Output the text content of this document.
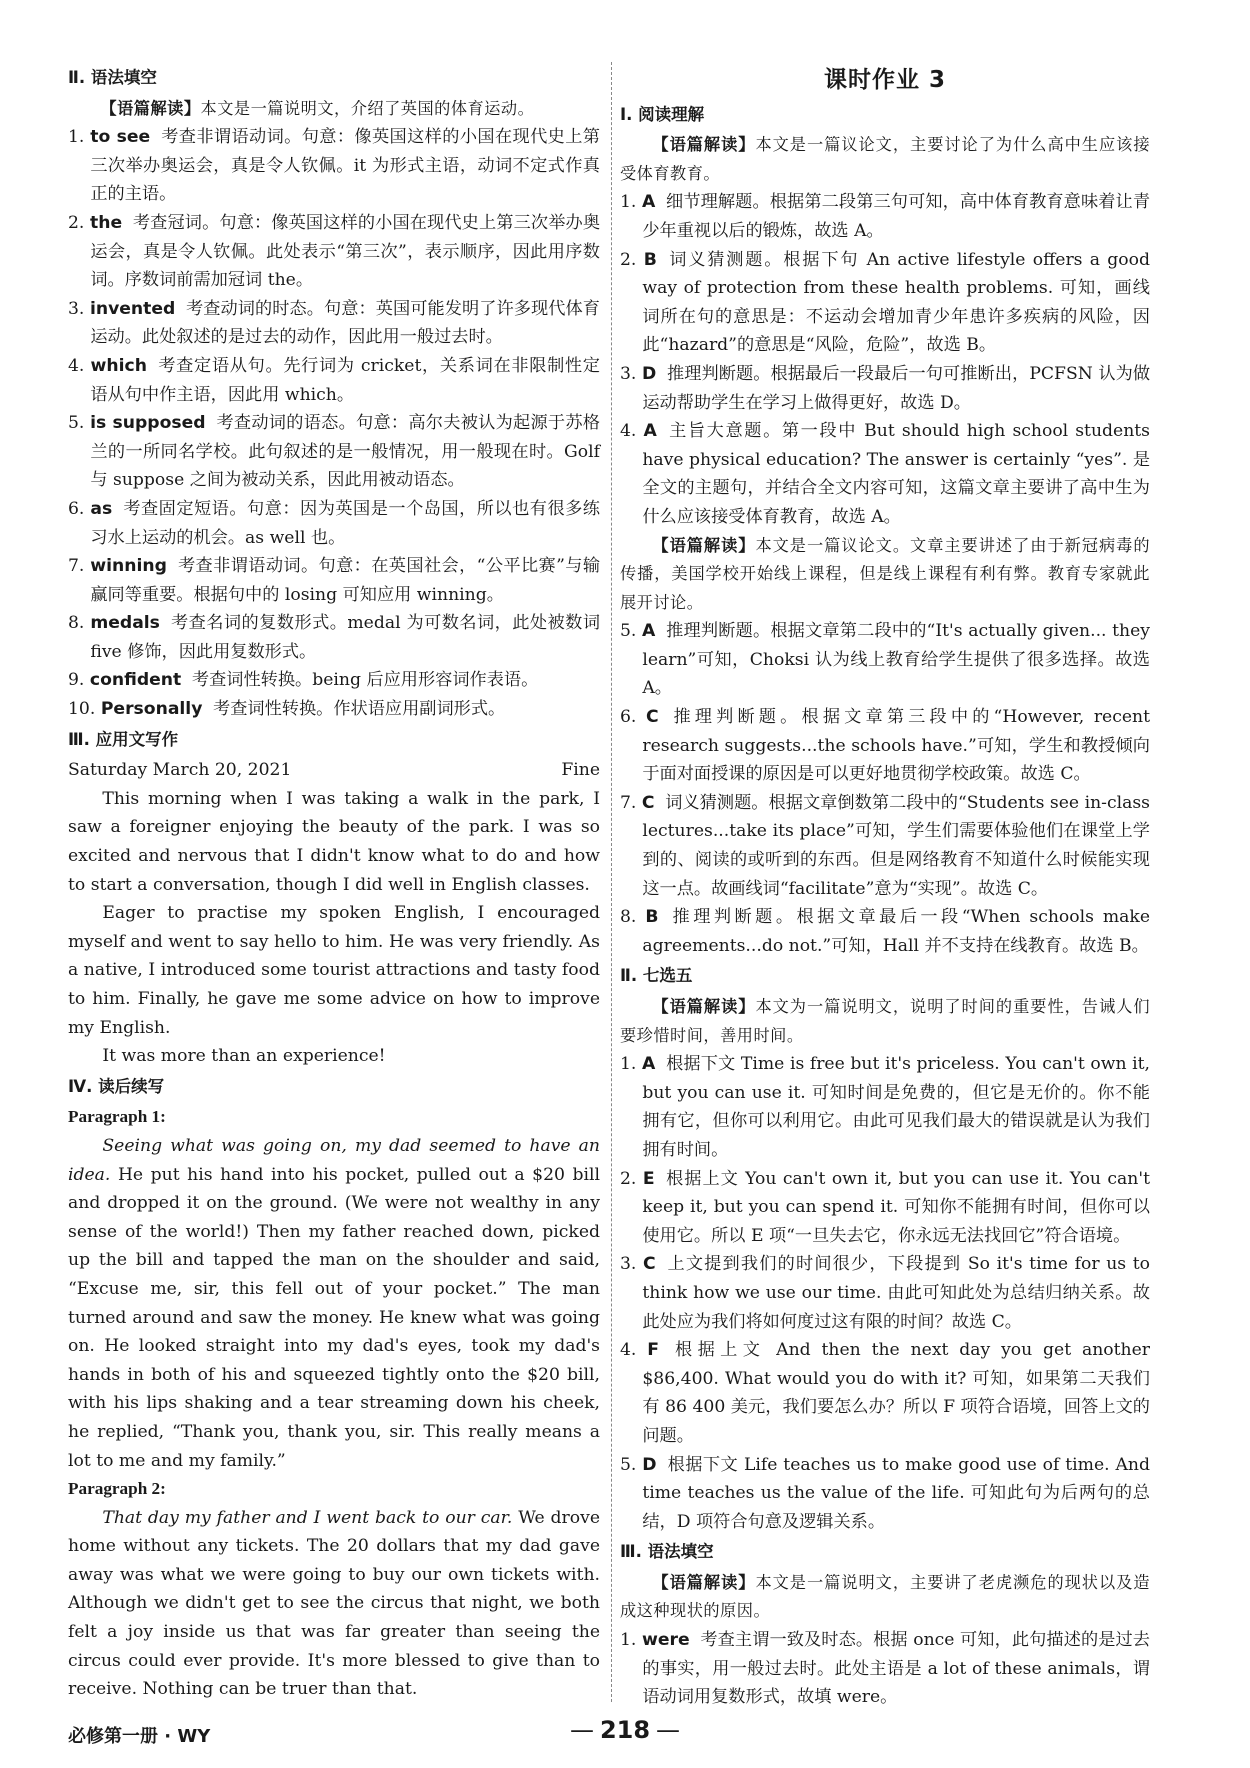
Ⅱ. 语法填空
【语篇解读】本文是一篇说明文，介绍了英国的体育运动。
1. to see 考查非谓语动词。句意：像英国这样的小国在现代史上第三次举办奥运会，真是令人钦佩。it 为形式主语，动词不定式作真正的主语。
2. the 考查冠词。句意：像英国这样的小国在现代史上第三次举办奥运会，真是令人钦佩。此处表示“第三次”，表示顺序，因此用序数词。序数词前需加冠词 the。
3. invented 考查动词的时态。句意：英国可能发明了许多现代体育运动。此处叙述的是过去的动作，因此用一般过去时。
4. which 考查定语从句。先行词为 cricket，关系词在非限制性定语从句中作主语，因此用 which。
5. is supposed 考查动词的语态。句意：高尔夫被认为起源于苏格兰的一所同名学校。此句叙述的是一般情况，用一般现在时。Golf 与 suppose 之间为被动关系，因此用被动语态。
6. as 考查固定短语。句意：因为英国是一个岛国，所以也有很多练习水上运动的机会。as well 也。
7. winning 考查非谓语动词。句意：在英国社会，“公平比赛”与输赢同等重要。根据句中的 losing 可知应用 winning。
8. medals 考查名词的复数形式。medal 为可数名词，此处被数词 five 修饰，因此用复数形式。
9. confident 考查词性转换。being 后应用形容词作表语。
10. Personally 考查词性转换。作状语应用副词形式。
Ⅲ. 应用文写作
Saturday March 20, 2021	Fine
This morning when I was taking a walk in the park, I saw a foreigner enjoying the beauty of the park. I was so excited and nervous that I didn't know what to do and how to start a conversation, though I did well in English classes.
Eager to practise my spoken English, I encouraged myself and went to say hello to him. He was very friendly. As a native, I introduced some tourist attractions and tasty food to him. Finally, he gave me some advice on how to improve my English.
It was more than an experience!
Ⅳ. 读后续写
Paragraph 1:
Seeing what was going on, my dad seemed to have an idea. He put his hand into his pocket, pulled out a $20 bill and dropped it on the ground. (We were not wealthy in any sense of the world!) Then my father reached down, picked up the bill and tapped the man on the shoulder and said, “Excuse me, sir, this fell out of your pocket.” The man turned around and saw the money. He knew what was going on. He looked straight into my dad's eyes, took my dad's hands in both of his and squeezed tightly onto the $20 bill, with his lips shaking and a tear streaming down his cheek, he replied, “Thank you, thank you, sir. This really means a lot to me and my family.”
Paragraph 2:
That day my father and I went back to our car. We drove home without any tickets. The 20 dollars that my dad gave away was what we were going to buy our own tickets with. Although we didn't get to see the circus that night, we both felt a joy inside us that was far greater than seeing the circus could ever provide. It's more blessed to give than to receive. Nothing can be truer than that.
课时作业 3
Ⅰ. 阅读理解
【语篇解读】本文是一篇议论文，主要讨论了为什么高中生应该接受体育教育。
1. A 细节理解题。根据第二段第三句可知，高中体育教育意味着让青少年重视以后的锻炼，故选 A。
2. B 词义猜测题。根据下句 An active lifestyle offers a good way of protection from these health problems. 可知，画线词所在句的意思是：不运动会增加青少年患许多疾病的风险，因此“hazard”的意思是“风险，危险”，故选 B。
3. D 推理判断题。根据最后一段最后一句可推断出，PCFSN 认为做运动帮助学生在学习上做得更好，故选 D。
4. A 主旨大意题。第一段中 But should high school students have physical education? The answer is certainly “yes”. 是全文的主题句，并结合全文内容可知，这篇文章主要讲了高中生为什么应该接受体育教育，故选 A。
【语篇解读】本文是一篇议论文。文章主要讲述了由于新冠病毒的传播，美国学校开始线上课程，但是线上课程有利有弊。教育专家就此展开讨论。
5. A 推理判断题。根据文章第二段中的“It's actually given... they learn”可知，Choksi 认为线上教育给学生提供了很多选择。故选 A。
6. C 推理判断题。根据文章第三段中的“However, recent research suggests...the schools have.”可知，学生和教授倾向于面对面授课的原因是可以更好地贯彻学校政策。故选 C。
7. C 词义猜测题。根据文章倒数第二段中的“Students see in-class lectures...take its place”可知，学生们需要体验他们在课堂上学到的、阅读的或听到的东西。但是网络教育不知道什么时候能实现这一点。故画线词“facilitate”意为“实现”。故选 C。
8. B 推理判断题。根据文章最后一段“When schools make agreements...do not.”可知，Hall 并不支持在线教育。故选 B。
Ⅱ. 七选五
【语篇解读】本文为一篇说明文，说明了时间的重要性，告诫人们要珍惜时间，善用时间。
1. A 根据下文 Time is free but it's priceless. You can't own it, but you can use it. 可知时间是免费的，但它是无价的。你不能拥有它，但你可以利用它。由此可见我们最大的错误就是认为我们拥有时间。
2. E 根据上文 You can't own it, but you can use it. You can't keep it, but you can spend it. 可知你不能拥有时间，但你可以使用它。所以 E 项“一旦失去它，你永远无法找回它”符合语境。
3. C 上文提到我们的时间很少，下段提到 So it's time for us to think how we use our time. 由此可知此处为总结归纳关系。故此处应为我们将如何度过这有限的时间？故选 C。
4. F 根据上文 And then the next day you get another $86,400. What would you do with it? 可知，如果第二天我们有 86 400 美元，我们要怎么办？所以 F 项符合语境，回答上文的问题。
5. D 根据下文 Life teaches us to make good use of time. And time teaches us the value of the life. 可知此句为后两句的总结，D 项符合句意及逻辑关系。
Ⅲ. 语法填空
【语篇解读】本文是一篇说明文，主要讲了老虎濒危的现状以及造成这种现状的原因。
1. were 考查主谓一致及时态。根据 once 可知，此句描述的是过去的事实，用一般过去时。此处主语是 a lot of these animals，谓语动词用复数形式，故填 were。
必修第一册 · WY	— 218 —
